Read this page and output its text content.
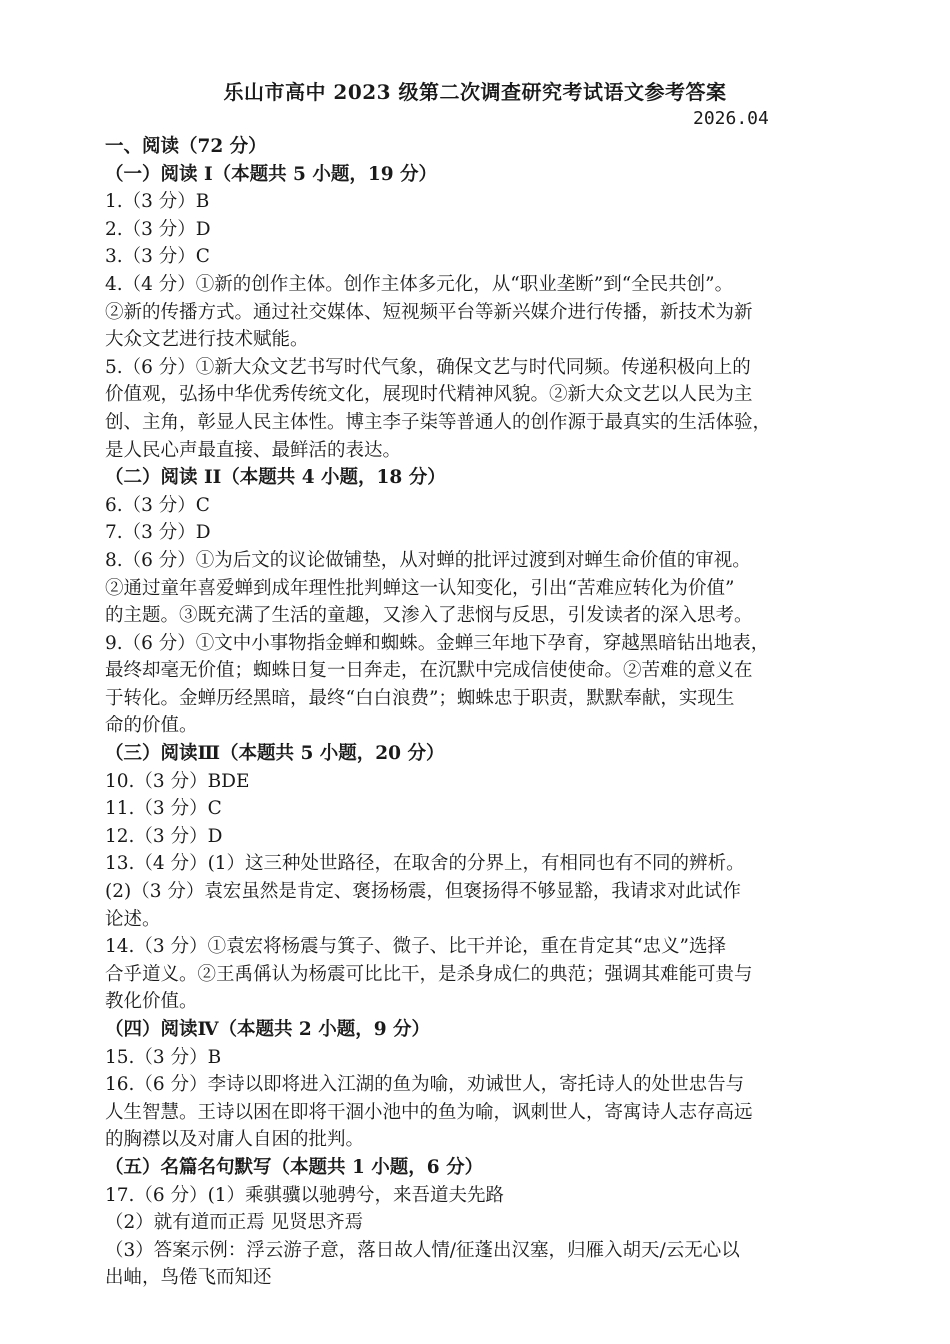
乐山市高中 2023 级第二次调查研究考试语文参考答案
2026.04
一、阅读（72 分）
（一）阅读 I（本题共 5 小题，19 分）
1.（3 分）B
2.（3 分）D
3.（3 分）C
4.（4 分）①新的创作主体。创作主体多元化，从“职业垄断”到“全民共创”。
②新的传播方式。通过社交媒体、短视频平台等新兴媒介进行传播，新技术为新
大众文艺进行技术赋能。
5.（6 分）①新大众文艺书写时代气象，确保文艺与时代同频。传递积极向上的
价值观，弘扬中华优秀传统文化，展现时代精神风貌。②新大众文艺以人民为主
创、主角，彰显人民主体性。博主李子柒等普通人的创作源于最真实的生活体验，
是人民心声最直接、最鲜活的表达。
（二）阅读 II（本题共 4 小题，18 分）
6.（3 分）C
7.（3 分）D
8.（6 分）①为后文的议论做铺垫，从对蝉的批评过渡到对蝉生命价值的审视。
②通过童年喜爱蝉到成年理性批判蝉这一认知变化，引出“苦难应转化为价值”
的主题。③既充满了生活的童趣，又渗入了悲悯与反思，引发读者的深入思考。
9.（6 分）①文中小事物指金蝉和蜘蛛。金蝉三年地下孕育，穿越黑暗钻出地表，
最终却毫无价值；蜘蛛日复一日奔走，在沉默中完成信使使命。②苦难的意义在
于转化。金蝉历经黑暗，最终“白白浪费”；蜘蛛忠于职责，默默奉献，实现生
命的价值。
（三）阅读Ⅲ（本题共 5 小题，20 分）
10.（3 分）BDE
11.（3 分）C
12.（3 分）D
13.（4 分）(1）这三种处世路径，在取舍的分界上，有相同也有不同的辨析。
(2)（3 分）袁宏虽然是肯定、褒扬杨震，但褒扬得不够显豁，我请求对此试作
论述。
14.（3 分）①袁宏将杨震与箕子、微子、比干并论，重在肯定其“忠义”选择
合乎道义。②王禹偁认为杨震可比比干，是杀身成仁的典范；强调其难能可贵与
教化价值。
（四）阅读Ⅳ（本题共 2 小题，9 分）
15.（3 分）B
16.（6 分）李诗以即将进入江湖的鱼为喻，劝诫世人，寄托诗人的处世忠告与
人生智慧。王诗以困在即将干涸小池中的鱼为喻，讽刺世人，寄寓诗人志存高远
的胸襟以及对庸人自困的批判。
（五）名篇名句默写（本题共 1 小题，6 分）
17.（6 分）(1）乘骐骥以驰骋兮，来吾道夫先路
（2）就有道而正焉 见贤思齐焉
（3）答案示例：浮云游子意，落日故人情/征蓬出汉塞，归雁入胡天/云无心以
出岫，鸟倦飞而知还
